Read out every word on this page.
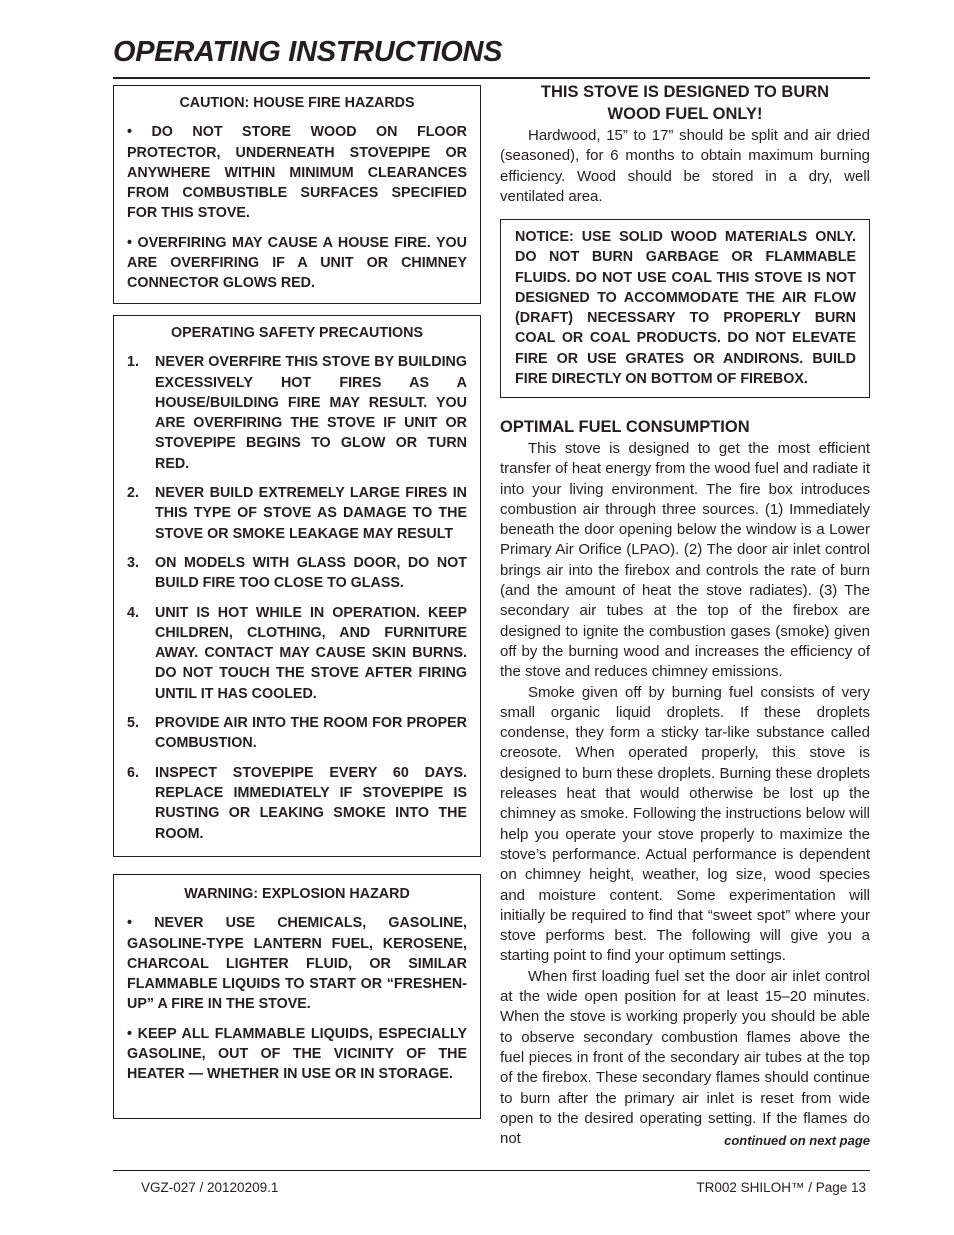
OPERATING INSTRUCTIONS
CAUTION: HOUSE FIRE HAZARDS

• DO NOT STORE WOOD ON FLOOR PROTECTOR, UNDERNEATH STOVEPIPE OR ANYWHERE WITHIN MINIMUM CLEARANCES FROM COMBUSTIBLE SURFACES SPECIFIED FOR THIS STOVE.

• OVERFIRING MAY CAUSE A HOUSE FIRE. YOU ARE OVERFIRING IF A UNIT OR CHIMNEY CONNECTOR GLOWS RED.

OPERATING SAFETY PRECAUTIONS
1.	NEVER OVERFIRE THIS STOVE BY BUILDING EXCESSIVELY HOT FIRES AS A HOUSE/BUILDING FIRE MAY RESULT. YOU ARE OVERFIRING THE STOVE IF UNIT OR STOVEPIPE BEGINS TO GLOW OR TURN RED.
2.	NEVER BUILD EXTREMELY LARGE FIRES IN THIS TYPE OF STOVE AS DAMAGE TO THE STOVE OR SMOKE LEAKAGE MAY RESULT
3.	ON MODELS WITH GLASS DOOR, DO NOT BUILD FIRE TOO CLOSE TO GLASS.
4.	UNIT IS HOT WHILE IN OPERATION. KEEP CHILDREN, CLOTHING, AND FURNITURE AWAY. CONTACT MAY CAUSE SKIN BURNS. DO NOT TOUCH THE STOVE AFTER FIRING UNTIL IT HAS COOLED.
5.	PROVIDE AIR INTO THE ROOM FOR PROPER COMBUSTION.
6.	INSPECT STOVEPIPE EVERY 60 DAYS. REPLACE IMMEDIATELY IF STOVEPIPE IS RUSTING OR LEAKING SMOKE INTO THE ROOM.
WARNING: EXPLOSION HAZARD

• NEVER USE CHEMICALS, GASOLINE, GASOLINE-TYPE LANTERN FUEL, KEROSENE, CHARCOAL LIGHTER FLUID, OR SIMILAR FLAMMABLE LIQUIDS TO START OR “FRESHEN-UP” A FIRE IN THE STOVE.

• KEEP ALL FLAMMABLE LIQUIDS, ESPECIALLY GASOLINE, OUT OF THE VICINITY OF THE HEATER — WHETHER IN USE OR IN STORAGE.

THIS STOVE IS DESIGNED TO BURN
WOOD FUEL ONLY!

Hardwood, 15” to 17” should be split and air dried (seasoned), for 6 months to obtain maximum burning efficiency. Wood should be stored in a dry, well ventilated area.

NOTICE: USE SOLID WOOD MATERIALS ONLY. DO NOT BURN GARBAGE OR FLAMMABLE FLUIDS. DO NOT USE COAL THIS STOVE IS NOT DESIGNED TO ACCOMMODATE THE AIR FLOW (DRAFT) NECESSARY TO PROPERLY BURN COAL OR COAL PRODUCTS. DO NOT ELEVATE FIRE OR USE GRATES OR ANDIRONS. BUILD FIRE DIRECTLY ON BOTTOM OF FIREBOX.

OPTIMAL FUEL CONSUMPTION

This stove is designed to get the most efficient transfer of heat energy from the wood fuel and radiate it into your living environment. The fire box introduces combustion air through three sources. (1) Immediately beneath the door opening below the window is a Lower Primary Air Orifice (LPAO). (2) The door air inlet control brings air into the firebox and controls the rate of burn (and the amount of heat the stove radiates). (3) The secondary air tubes at the top of the firebox are designed to ignite the combustion gases (smoke) given off by the burning wood and increases the efficiency of the stove and reduces chimney emissions.

Smoke given off by burning fuel consists of very small organic liquid droplets. If these droplets condense, they form a sticky tar-like substance called creosote. When operated properly, this stove is designed to burn these droplets. Burning these droplets releases heat that would otherwise be lost up the chimney as smoke. Following the instructions below will help you operate your stove properly to maximize the stove’s performance. Actual performance is dependent on chimney height, weather, log size, wood species and moisture content. Some experimentation will initially be required to find that “sweet spot” where your stove performs best. The following will give you a starting point to find your optimum settings.

When first loading fuel set the door air inlet control at the wide open position for at least 15–20 minutes. When the stove is working properly you should be able to observe secondary combustion flames above the fuel pieces in front of the secondary air tubes at the top of the firebox. These secondary flames should continue to burn after the primary air inlet is reset from wide open to the desired operating setting. If the flames do not	continued on next page
VGZ-027 / 20120209.1	TR002 SHILOH™ / Page 13
